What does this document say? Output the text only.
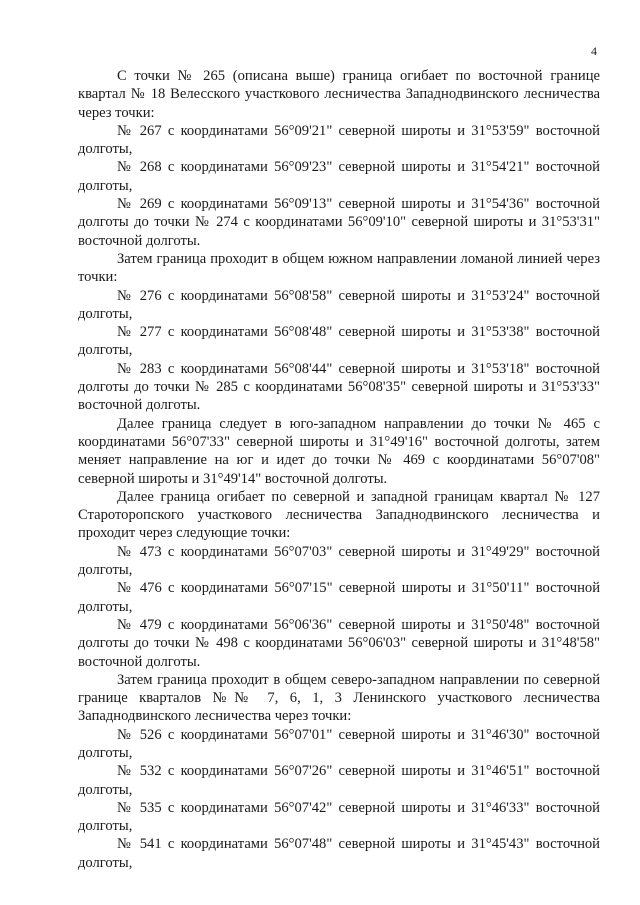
4

С точки № 265 (описана выше) граница огибает по восточной границе квартал № 18 Велесского участкового лесничества Западнодвинского лесничества через точки:

№ 267 с координатами 56°09'21" северной широты и 31°53'59" восточной долготы,

№ 268 с координатами 56°09'23" северной широты и 31°54'21" восточной долготы,

№ 269 с координатами 56°09'13" северной широты и 31°54'36" восточной долготы до точки № 274 с координатами 56°09'10" северной широты и 31°53'31" восточной долготы.

Затем граница проходит в общем южном направлении ломаной линией через точки:

№ 276 с координатами 56°08'58" северной широты и 31°53'24" восточной долготы,

№ 277 с координатами 56°08'48" северной широты и 31°53'38" восточной долготы,

№ 283 с координатами 56°08'44" северной широты и 31°53'18" восточной долготы до точки № 285 с координатами 56°08'35" северной широты и 31°53'33" восточной долготы.

Далее граница следует в юго-западном направлении до точки № 465 с координатами 56°07'33" северной широты и 31°49'16" восточной долготы, затем меняет направление на юг и идет до точки № 469 с координатами 56°07'08" северной широты и 31°49'14" восточной долготы.

Далее граница огибает по северной и западной границам квартал № 127 Староторопского участкового лесничества Западнодвинского лесничества и проходит через следующие точки:

№ 473 с координатами 56°07'03" северной широты и 31°49'29" восточной долготы,

№ 476 с координатами 56°07'15" северной широты и 31°50'11" восточной долготы,

№ 479 с координатами 56°06'36" северной широты и 31°50'48" восточной долготы до точки № 498 с координатами 56°06'03" северной широты и 31°48'58" восточной долготы.

Затем граница проходит в общем северо-западном направлении по северной границе кварталов №№ 7, 6, 1, 3 Ленинского участкового лесничества Западнодвинского лесничества через точки:

№ 526 с координатами 56°07'01" северной широты и 31°46'30" восточной долготы,

№ 532 с координатами 56°07'26" северной широты и 31°46'51" восточной долготы,

№ 535 с координатами 56°07'42" северной широты и 31°46'33" восточной долготы,

№ 541 с координатами 56°07'48" северной широты и 31°45'43" восточной долготы,
